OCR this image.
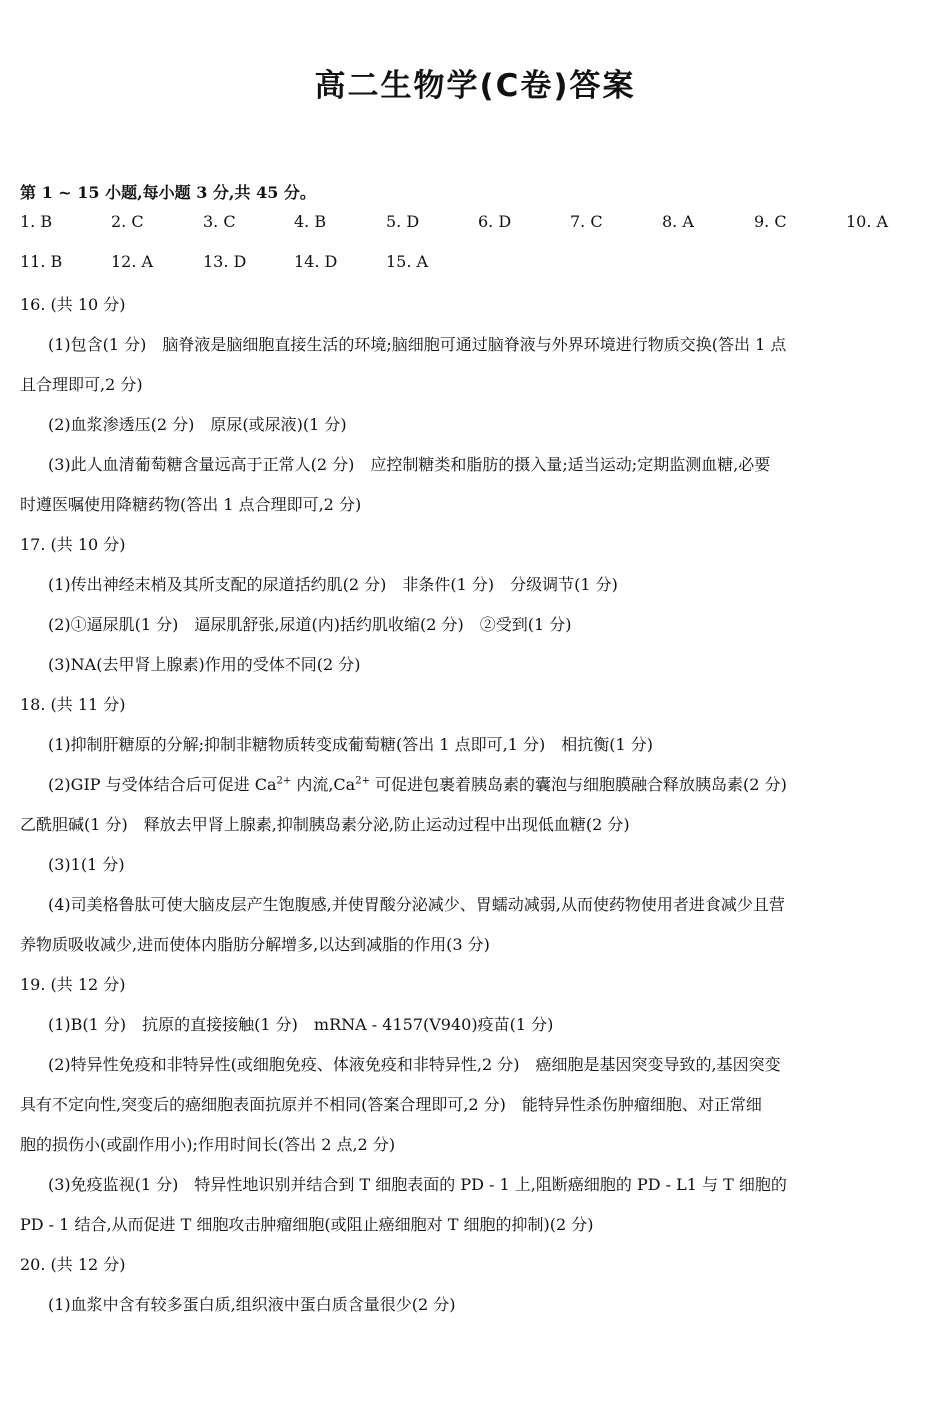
高二生物学(C卷)答案
第 1 ~ 15 小题,每小题 3 分,共 45 分。
1. B	2. C	3. C	4. B	5. D	6. D	7. C	8. A	9. C	10. A
11. B	12. A	13. D	14. D	15. A
16. (共 10 分)
(1)包含(1 分)　脑脊液是脑细胞直接生活的环境;脑细胞可通过脑脊液与外界环境进行物质交换(答出 1 点
且合理即可,2 分)
(2)血浆渗透压(2 分)　原尿(或尿液)(1 分)
(3)此人血清葡萄糖含量远高于正常人(2 分)　应控制糖类和脂肪的摄入量;适当运动;定期监测血糖,必要
时遵医嘱使用降糖药物(答出 1 点合理即可,2 分)
17. (共 10 分)
(1)传出神经末梢及其所支配的尿道括约肌(2 分)　非条件(1 分)　分级调节(1 分)
(2)①逼尿肌(1 分)　逼尿肌舒张,尿道(内)括约肌收缩(2 分)　②受到(1 分)
(3)NA(去甲肾上腺素)作用的受体不同(2 分)
18. (共 11 分)
(1)抑制肝糖原的分解;抑制非糖物质转变成葡萄糖(答出 1 点即可,1 分)　相抗衡(1 分)
(2)GIP 与受体结合后可促进 $Ca^{2+}$ 内流$,Ca^{2+}$ 可促进包裹着胰岛素的囊泡与细胞膜融合释放胰岛素(2 分)
乙酰胆碱(1 分)　释放去甲肾上腺素,抑制胰岛素分泌,防止运动过程中出现低血糖(2 分)
(3)1(1 分)
(4)司美格鲁肽可使大脑皮层产生饱腹感,并使胃酸分泌减少、胃蠕动减弱,从而使药物使用者进食减少且营
养物质吸收减少,进而使体内脂肪分解增多,以达到减脂的作用(3 分)
19. (共 12 分)
(1)B(1 分)　抗原的直接接触(1 分)　mRNA - 4157(V940)疫苗(1 分)
(2)特异性免疫和非特异性(或细胞免疫、体液免疫和非特异性,2 分)　癌细胞是基因突变导致的,基因突变
具有不定向性,突变后的癌细胞表面抗原并不相同(答案合理即可,2 分)　能特异性杀伤肿瘤细胞、对正常细
胞的损伤小(或副作用小);作用时间长(答出 2 点,2 分)
(3)免疫监视(1 分)　特异性地识别并结合到 T 细胞表面的 PD - 1 上,阻断癌细胞的 PD - L1 与 T 细胞的
PD - 1 结合,从而促进 T 细胞攻击肿瘤细胞(或阻止癌细胞对 T 细胞的抑制)(2 分)
20. (共 12 分)
(1)血浆中含有较多蛋白质,组织液中蛋白质含量很少(2 分)
